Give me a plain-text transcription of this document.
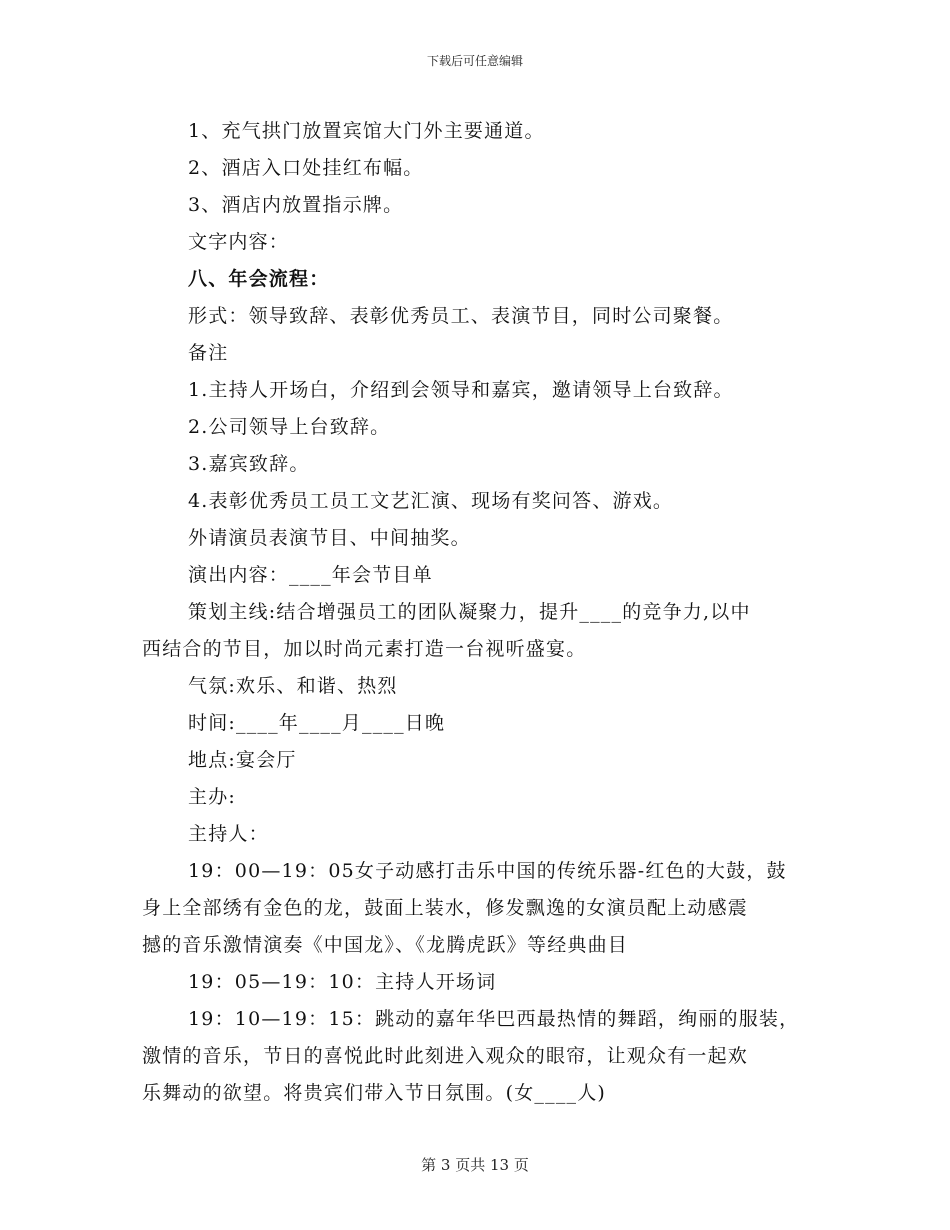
下载后可任意编辑
1、充气拱门放置宾馆大门外主要通道。
2、酒店入口处挂红布幅。
3、酒店内放置指示牌。
文字内容：
八、年会流程：
形式：领导致辞、表彰优秀员工、表演节目，同时公司聚餐。
备注
1.主持人开场白，介绍到会领导和嘉宾，邀请领导上台致辞。
2.公司领导上台致辞。
3.嘉宾致辞。
4.表彰优秀员工员工文艺汇演、现场有奖问答、游戏。
外请演员表演节目、中间抽奖。
演出内容：____年会节目单
策划主线:结合增强员工的团队凝聚力，提升____的竞争力,以中
西结合的节目，加以时尚元素打造一台视听盛宴。
气氛:欢乐、和谐、热烈
时间:____年____月____日晚
地点:宴会厅
主办:
主持人：
19：00—19：05女子动感打击乐中国的传统乐器-红色的大鼓，鼓
身上全部绣有金色的龙，鼓面上装水，修发飘逸的女演员配上动感震
撼的音乐激情演奏《中国龙》、《龙腾虎跃》等经典曲目
19：05—19：10：主持人开场词
19：10—19：15：跳动的嘉年华巴西最热情的舞蹈，绚丽的服装，
激情的音乐，节日的喜悦此时此刻进入观众的眼帘，让观众有一起欢
乐舞动的欲望。将贵宾们带入节日氛围。(女____人)
第 3 页共 13 页
